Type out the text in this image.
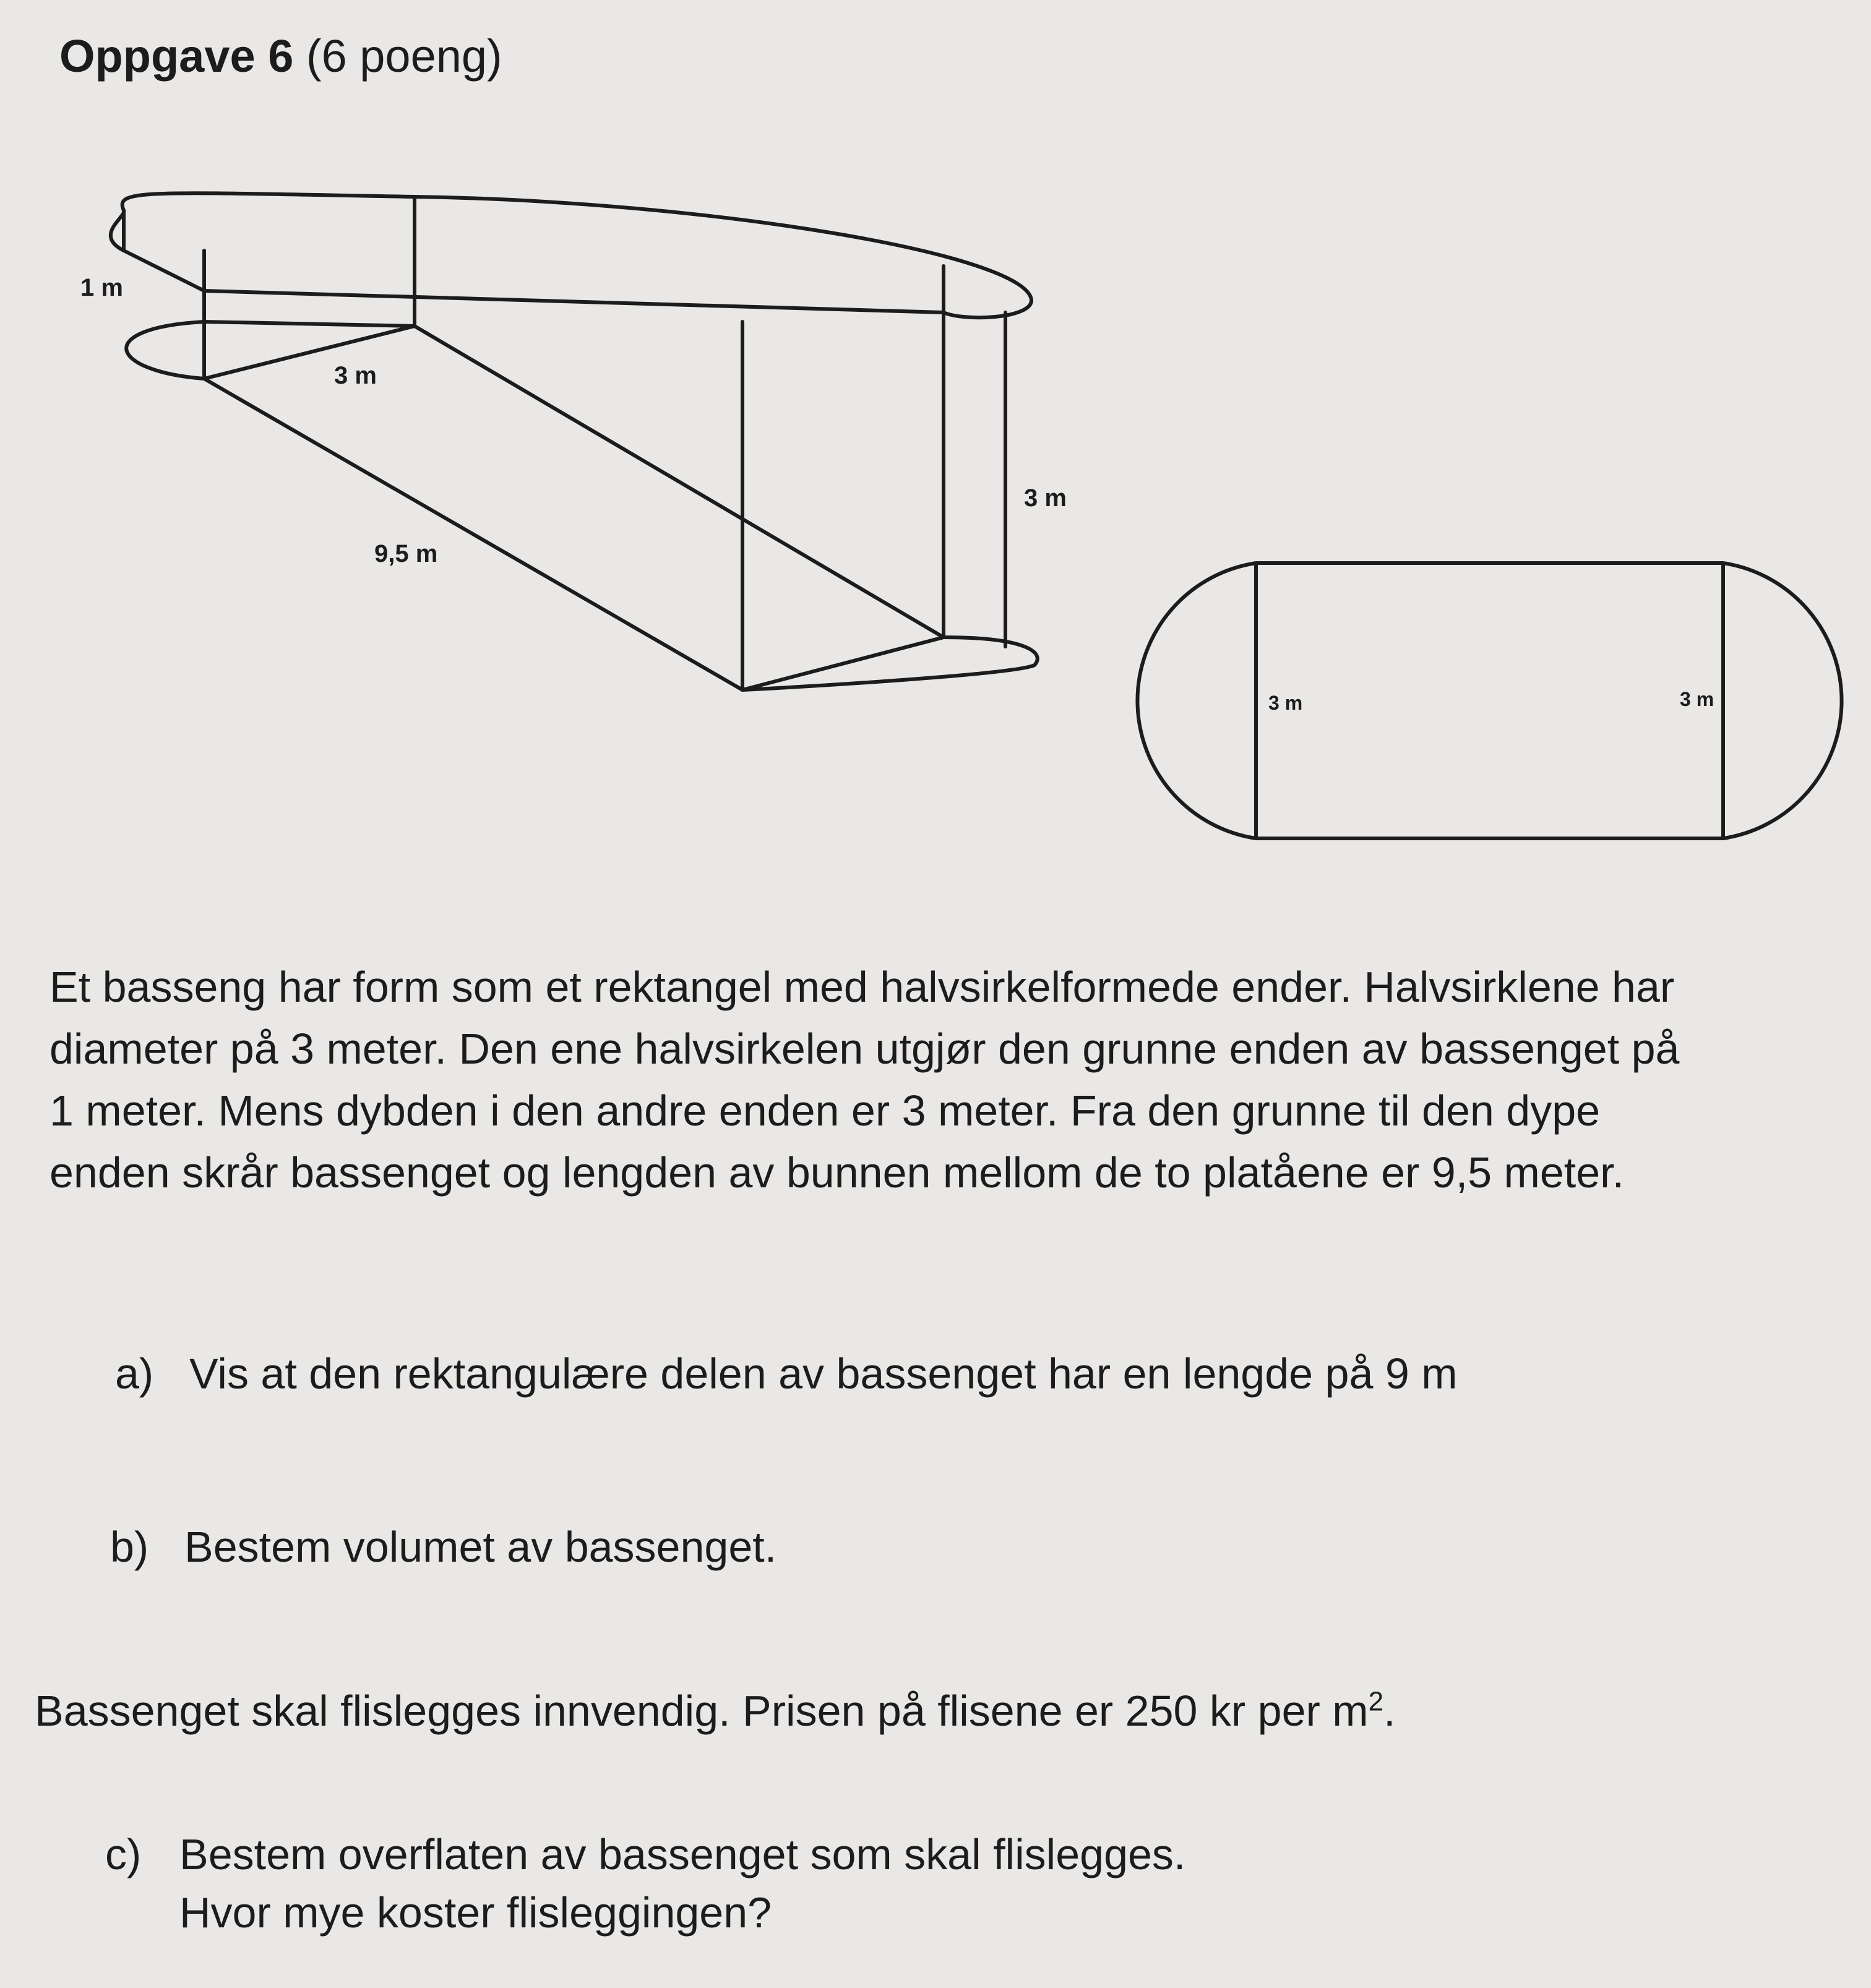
Oppgave 6 (6 poeng)
1 m
3 m
3 m
9,5 m
3 m	3 m
Et basseng har form som et rektangel med halvsirkelformede ender. Halvsirklene har
diameter på 3 meter. Den ene halvsirkelen utgjør den grunne enden av bassenget på
1 meter. Mens dybden i den andre enden er 3 meter. Fra den grunne til den dype
enden skrår bassenget og lengden av bunnen mellom de to platåene er 9,5 meter.
a) Vis at den rektangulære delen av bassenget har en lengde på 9 m
b) Bestem volumet av bassenget.
Bassenget skal flislegges innvendig. Prisen på flisene er 250 kr per $m^2$.
c) Bestem overflaten av bassenget som skal flislegges.
Hvor mye koster flisleggingen?
